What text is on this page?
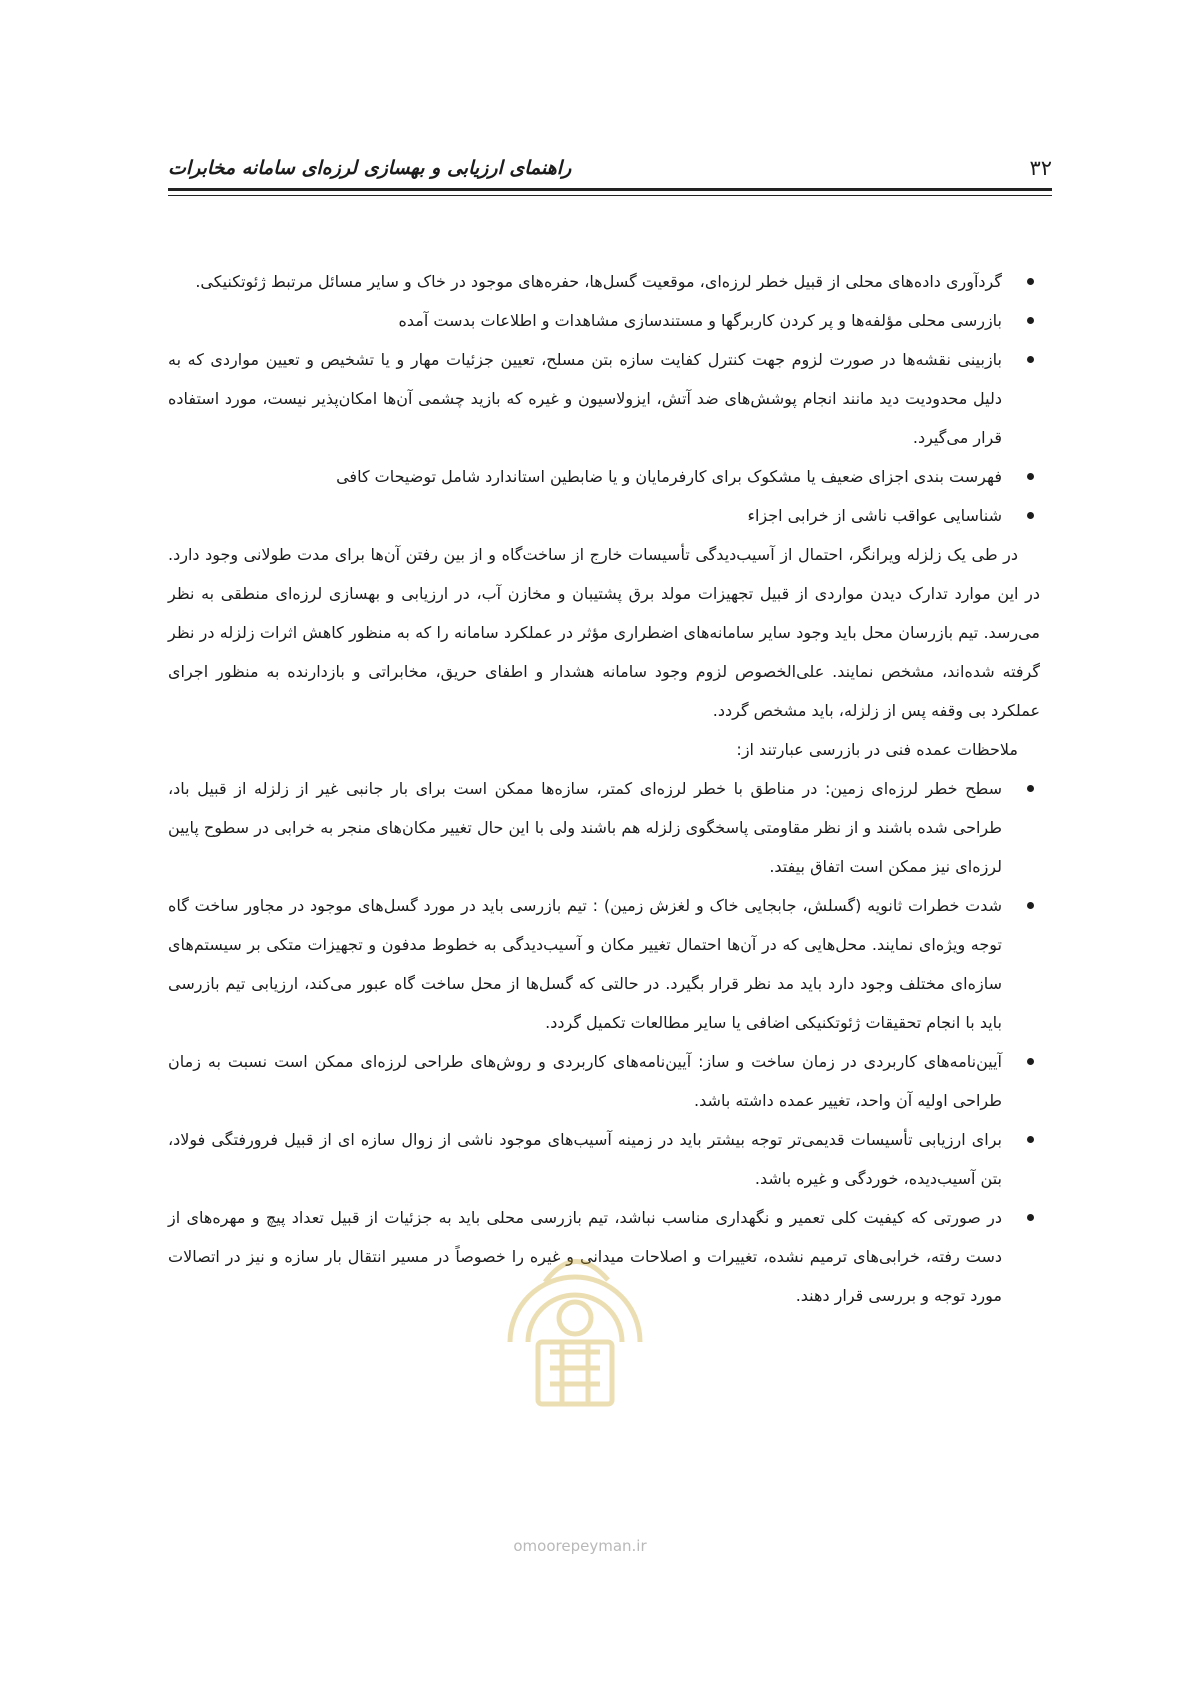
۳۲
راهنمای ارزیابی و بهسازی لرزه‌ای سامانه مخابرات
گردآوری داده‌های محلی از قبیل خطر لرزه‌ای، موقعیت گسل‌ها، حفره‌های موجود در خاک و سایر مسائل مرتبط ژئوتکنیکی.
بازرسی محلی مؤلفه‌ها و پر کردن کاربرگها و مستندسازی مشاهدات و اطلاعات بدست آمده
بازبینی نقشه‌ها در صورت لزوم جهت کنترل کفایت سازه بتن مسلح، تعیین جزئیات مهار و یا تشخیص و تعیین مواردی که به دلیل محدودیت دید مانند انجام پوشش‌های ضد آتش، ایزولاسیون و غیره که بازید چشمی آن‌ها امکان‌پذیر نیست، مورد استفاده قرار می‌گیرد.
فهرست بندی اجزای ضعیف یا مشکوک برای کارفرمایان و یا ضابطین استاندارد شامل توضیحات کافی
شناسایی عواقب ناشی از خرابی اجزاء

در طی یک زلزله ویرانگر، احتمال از آسیب‌دیدگی تأسیسات خارج از ساخت‌گاه و از بین رفتن آن‌ها برای مدت طولانی وجود دارد. در این موارد تدارک دیدن مواردی از قبیل تجهیزات مولد برق پشتیبان و مخازن آب، در ارزیابی و بهسازی لرزه‌ای منطقی به نظر می‌رسد. تیم بازرسان محل باید وجود سایر سامانه‌های اضطراری مؤثر در عملکرد سامانه را که به منظور کاهش اثرات زلزله در نظر گرفته شده‌اند، مشخص نمایند. علی‌الخصوص لزوم وجود سامانه هشدار و اطفای حریق، مخابراتی و بازدارنده به منظور اجرای عملکرد بی وقفه پس از زلزله، باید مشخص گردد.

ملاحظات عمده فنی در بازرسی عبارتند از:

سطح خطر لرزه‌ای زمین: در مناطق با خطر لرزه‌ای کمتر، سازه‌ها ممکن است برای بار جانبی غیر از زلزله از قبیل باد، طراحی شده باشند و از نظر مقاومتی پاسخگوی زلزله هم باشند ولی با این حال تغییر مکان‌های منجر به خرابی در سطوح پایین لرزه‌ای نیز ممکن است اتفاق بیفتد.
شدت خطرات ثانویه (گسلش، جابجایی خاک و لغزش زمین) : تیم بازرسی باید در مورد گسل‌های موجود در مجاور ساخت گاه توجه ویژه‌ای نمایند. محل‌هایی که در آن‌ها احتمال تغییر مکان و آسیب‌دیدگی به خطوط مدفون و تجهیزات متکی بر سیستم‌های سازه‌ای مختلف وجود دارد باید مد نظر قرار بگیرد. در حالتی که گسل‌ها از محل ساخت گاه عبور می‌کند، ارزیابی تیم بازرسی باید با انجام تحقیقات ژئوتکنیکی اضافی یا سایر مطالعات تکمیل گردد.
آیین‌نامه‌های کاربردی در زمان ساخت و ساز: آیین‌نامه‌های کاربردی و روش‌های طراحی لرزه‌ای ممکن است نسبت به زمان طراحی اولیه آن واحد، تغییر عمده داشته باشد.
برای ارزیابی تأسیسات قدیمی‌تر توجه بیشتر باید در زمینه آسیب‌های موجود ناشی از زوال سازه ای از قبیل فرورفتگی فولاد، بتن آسیب‌دیده، خوردگی و غیره باشد.
در صورتی که کیفیت کلی تعمیر و نگهداری مناسب نباشد، تیم بازرسی محلی باید به جزئیات از قبیل تعداد پیچ و مهره‌های از دست رفته، خرابی‌های ترمیم نشده، تغییرات و اصلاحات میدانی و غیره را خصوصاً در مسیر انتقال بار سازه و نیز در اتصالات مورد توجه و بررسی قرار دهند.
omoorepeyman.ir
